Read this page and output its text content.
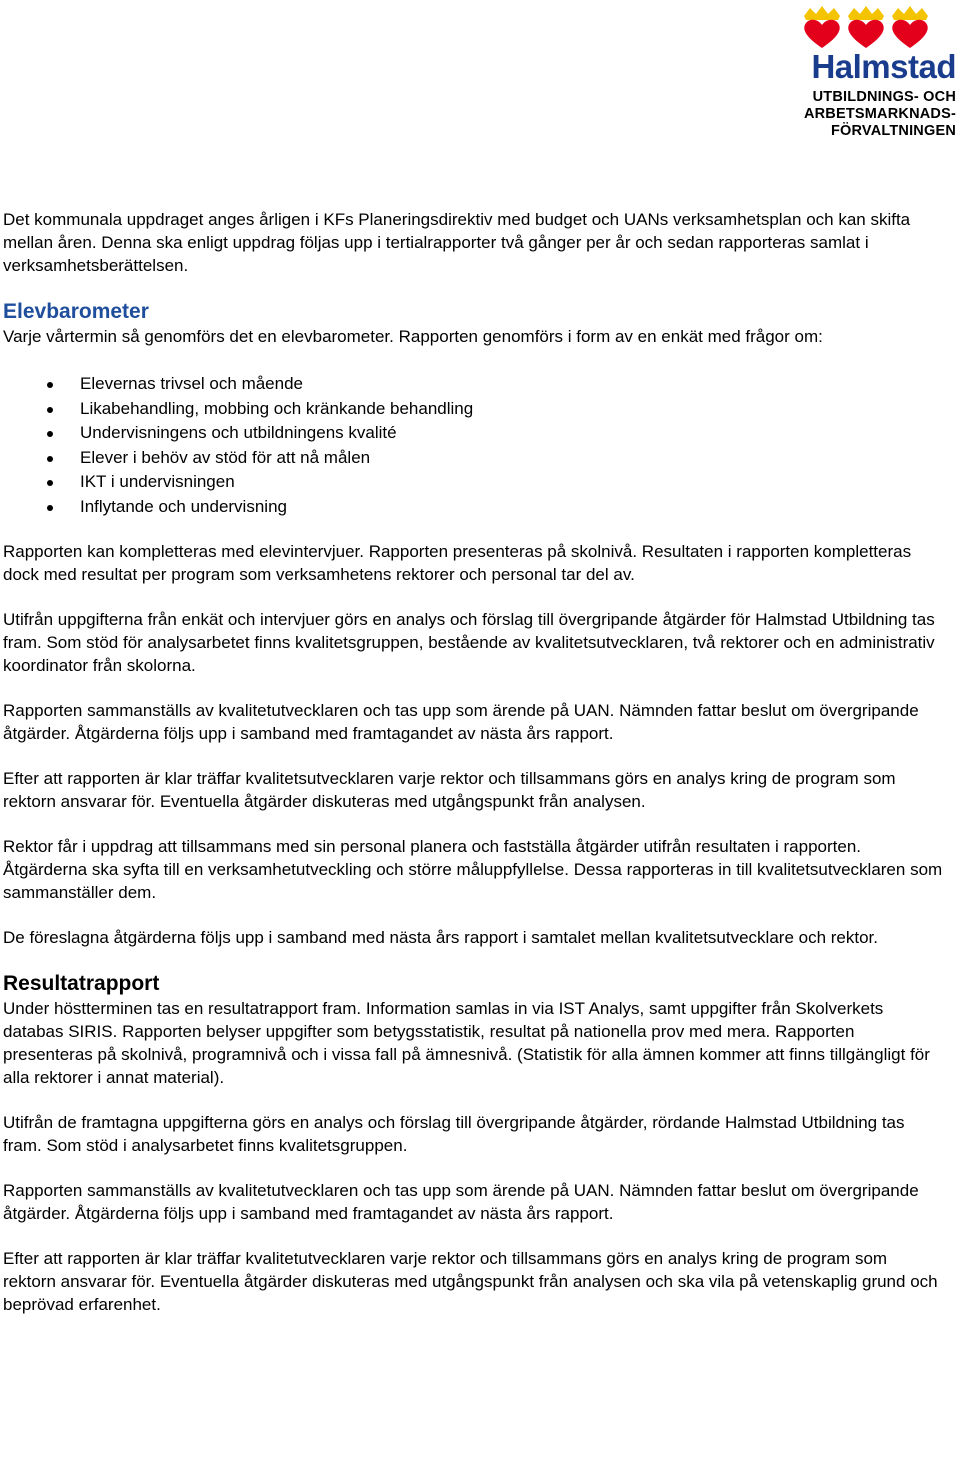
Halmstad
UTBILDNINGS- OCH
ARBETSMARKNADS-
FÖRVALTNINGEN

Det kommunala uppdraget anges årligen i KFs Planeringsdirektiv med budget och UANs verksamhetsplan och kan skifta mellan åren. Denna ska enligt uppdrag följas upp i tertialrapporter två gånger per år och sedan rapporteras samlat i verksamhetsberättelsen.

Elevbarometer

Varje vårtermin så genomförs det en elevbarometer. Rapporten genomförs i form av en enkät med frågor om:

Elevernas trivsel och mående
Likabehandling, mobbing och kränkande behandling
Undervisningens och utbildningens kvalité
Elever i behöv av stöd för att nå målen
IKT i undervisningen
Inflytande och undervisning

Rapporten kan kompletteras med elevintervjuer. Rapporten presenteras på skolnivå. Resultaten i rapporten kompletteras dock med resultat per program som verksamhetens rektorer och personal tar del av.

Utifrån uppgifterna från enkät och intervjuer görs en analys och förslag till övergripande åtgärder för Halmstad Utbildning tas fram. Som stöd för analysarbetet finns kvalitetsgruppen, bestående av kvalitetsutvecklaren, två rektorer och en administrativ koordinator från skolorna.

Rapporten sammanställs av kvalitetutvecklaren och tas upp som ärende på UAN. Nämnden fattar beslut om övergripande åtgärder. Åtgärderna följs upp i samband med framtagandet av nästa års rapport.

Efter att rapporten är klar träffar kvalitetsutvecklaren varje rektor och tillsammans görs en analys kring de program som rektorn ansvarar för. Eventuella åtgärder diskuteras med utgångspunkt från analysen.

Rektor får i uppdrag att tillsammans med sin personal planera och fastställa åtgärder utifrån resultaten i rapporten. Åtgärderna ska syfta till en verksamhetutveckling och större måluppfyllelse. Dessa rapporteras in till kvalitetsutvecklaren som sammanställer dem.

De föreslagna åtgärderna följs upp i samband med nästa års rapport i samtalet mellan kvalitetsutvecklare och rektor.

Resultatrapport

Under höstterminen tas en resultatrapport fram. Information samlas in via IST Analys, samt uppgifter från Skolverkets databas SIRIS. Rapporten belyser uppgifter som betygsstatistik, resultat på nationella prov med mera. Rapporten presenteras på skolnivå, programnivå och i vissa fall på ämnesnivå. (Statistik för alla ämnen kommer att finns tillgängligt för alla rektorer i annat material).

Utifrån de framtagna uppgifterna görs en analys och förslag till övergripande åtgärder, rördande Halmstad Utbildning tas fram. Som stöd i analysarbetet finns kvalitetsgruppen.

Rapporten sammanställs av kvalitetutvecklaren och tas upp som ärende på UAN. Nämnden fattar beslut om övergripande åtgärder. Åtgärderna följs upp i samband med framtagandet av nästa års rapport.

Efter att rapporten är klar träffar kvalitetutvecklaren varje rektor och tillsammans görs en analys kring de program som rektorn ansvarar för. Eventuella åtgärder diskuteras med utgångspunkt från analysen och ska vila på vetenskaplig grund och beprövad erfarenhet.
